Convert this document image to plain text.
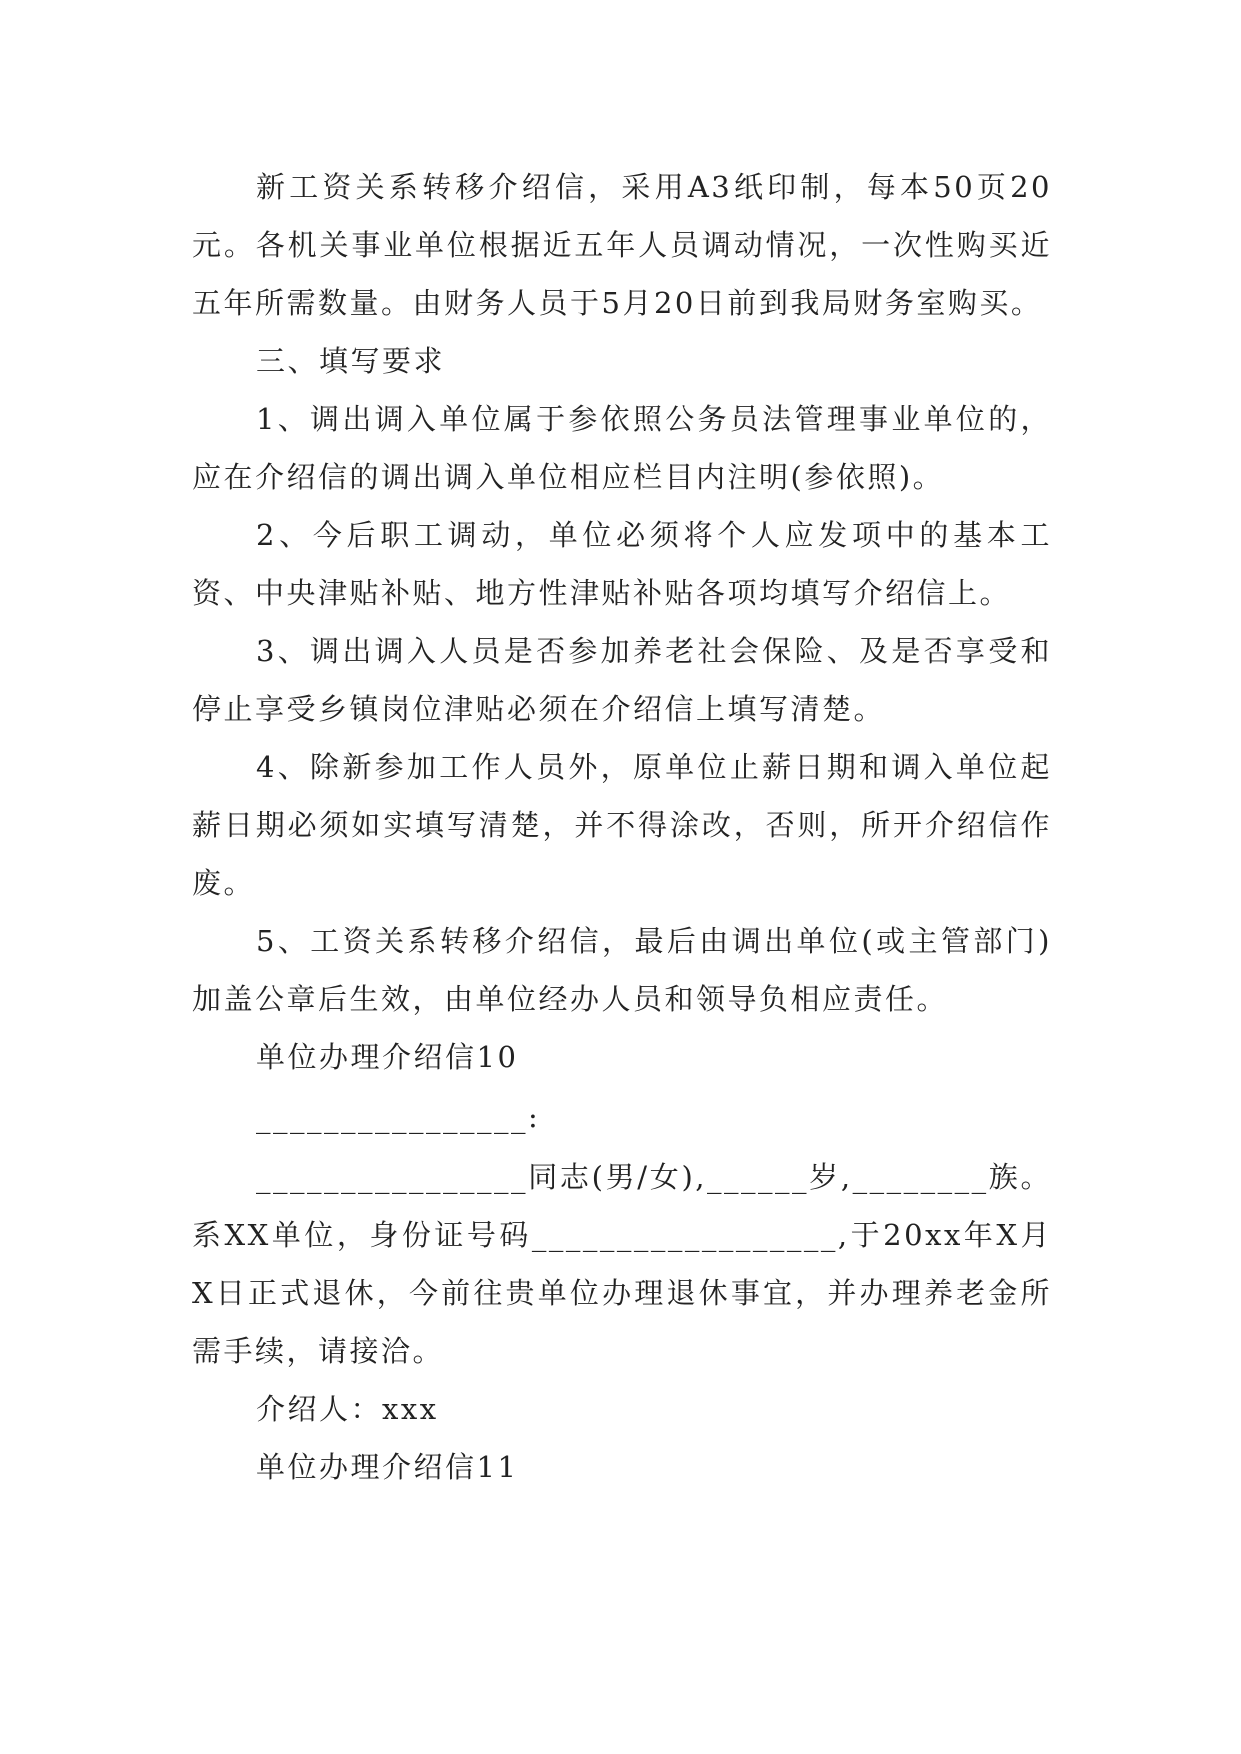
新工资关系转移介绍信，采用A3纸印制，每本50页20元。各机关事业单位根据近五年人员调动情况，一次性购买近五年所需数量。由财务人员于5月20日前到我局财务室购买。

三、填写要求

1、调出调入单位属于参依照公务员法管理事业单位的，应在介绍信的调出调入单位相应栏目内注明(参依照)。

2、今后职工调动，单位必须将个人应发项中的基本工资、中央津贴补贴、地方性津贴补贴各项均填写介绍信上。

3、调出调入人员是否参加养老社会保险、及是否享受和停止享受乡镇岗位津贴必须在介绍信上填写清楚。

4、除新参加工作人员外，原单位止薪日期和调入单位起薪日期必须如实填写清楚，并不得涂改，否则，所开介绍信作废。

5、工资关系转移介绍信，最后由调出单位(或主管部门)加盖公章后生效，由单位经办人员和领导负相应责任。

单位办理介绍信10

________________:

________________同志(男/女),______岁,________族。系XX单位，身份证号码__________________,于20xx年X月X日正式退休，今前往贵单位办理退休事宜，并办理养老金所需手续，请接洽。

介绍人：xxx

单位办理介绍信11
